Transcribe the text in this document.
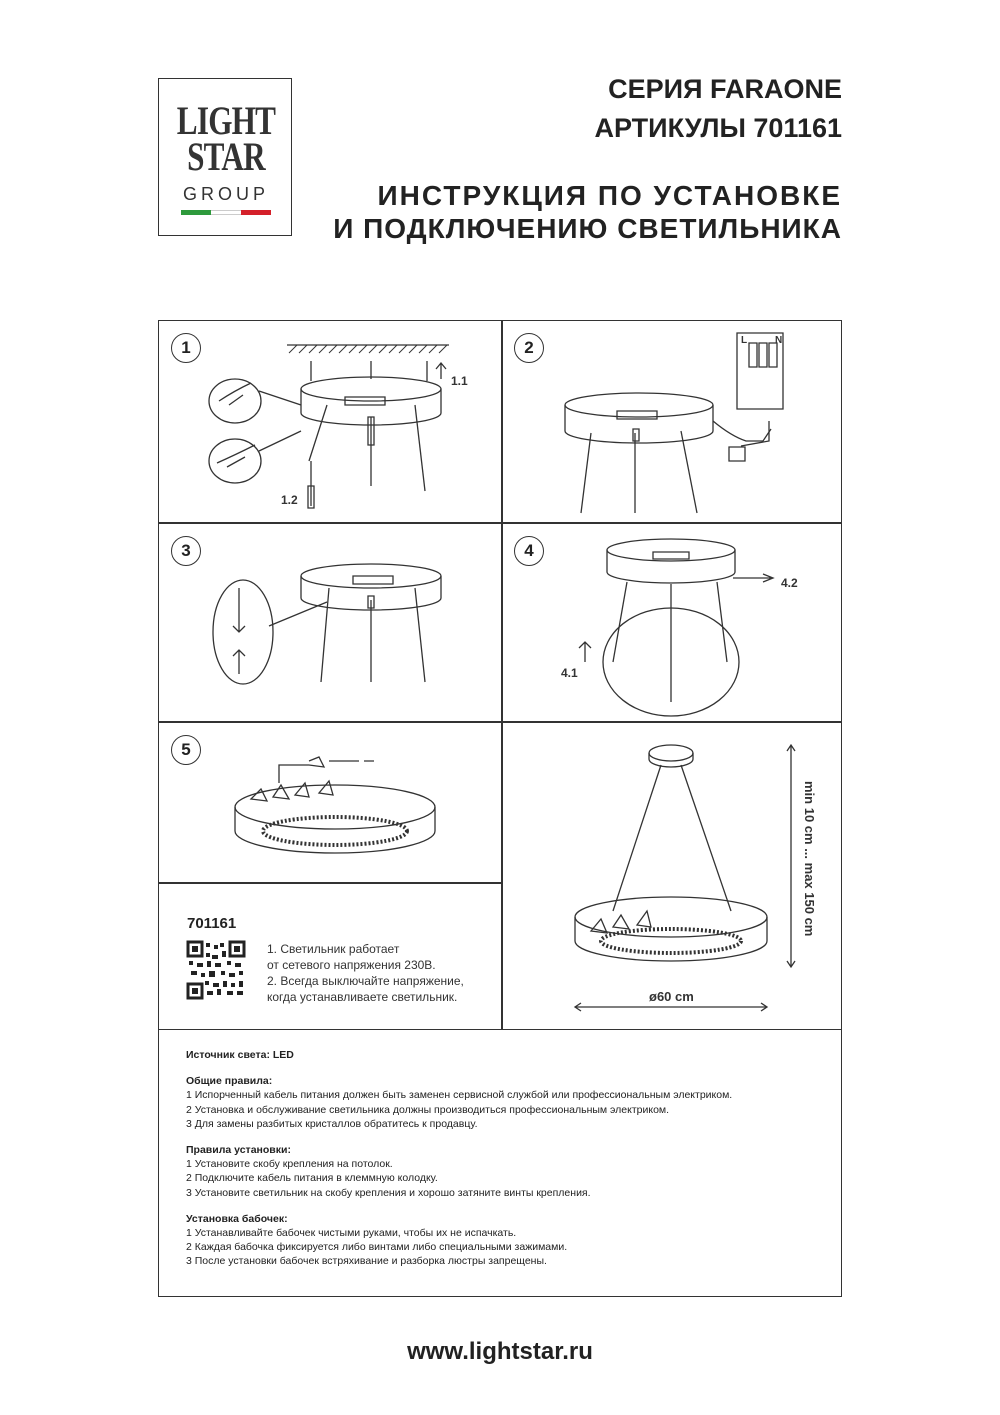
LIGHT
STAR
GROUP
СЕРИЯ FARAONE
АРТИКУЛЫ 701161
ИНСТРУКЦИЯ ПО УСТАНОВКЕ
И ПОДКЛЮЧЕНИЮ СВЕТИЛЬНИКА
1
1.1
1.2
2	L	N
3	4
4.2
4.1
5
701161
1. Светильник работает
от сетевого напряжения 230В.
2. Всегда выключайте напряжение,
когда устанавливаете светильник.
min 10 cm ... max 150 cm
ø60 cm
Источник света: LED
Общие правила:
1 Испорченный кабель питания должен быть заменен сервисной службой или профессиональным электриком.
2 Установка и обслуживание светильника должны производиться профессиональным электриком.
3 Для замены разбитых кристаллов обратитесь к продавцу.
Правила установки:
1 Установите скобу крепления на потолок.
2 Подключите кабель питания в клеммную колодку.
3 Установите светильник на скобу крепления и хорошо затяните винты крепления.
Установка бабочек:
1 Устанавливайте бабочек чистыми руками, чтобы их не испачкать.
2 Каждая бабочка фиксируется либо винтами либо специальными зажимами.
3 После установки бабочек встряхивание и разборка люстры запрещены.
www.lightstar.ru
